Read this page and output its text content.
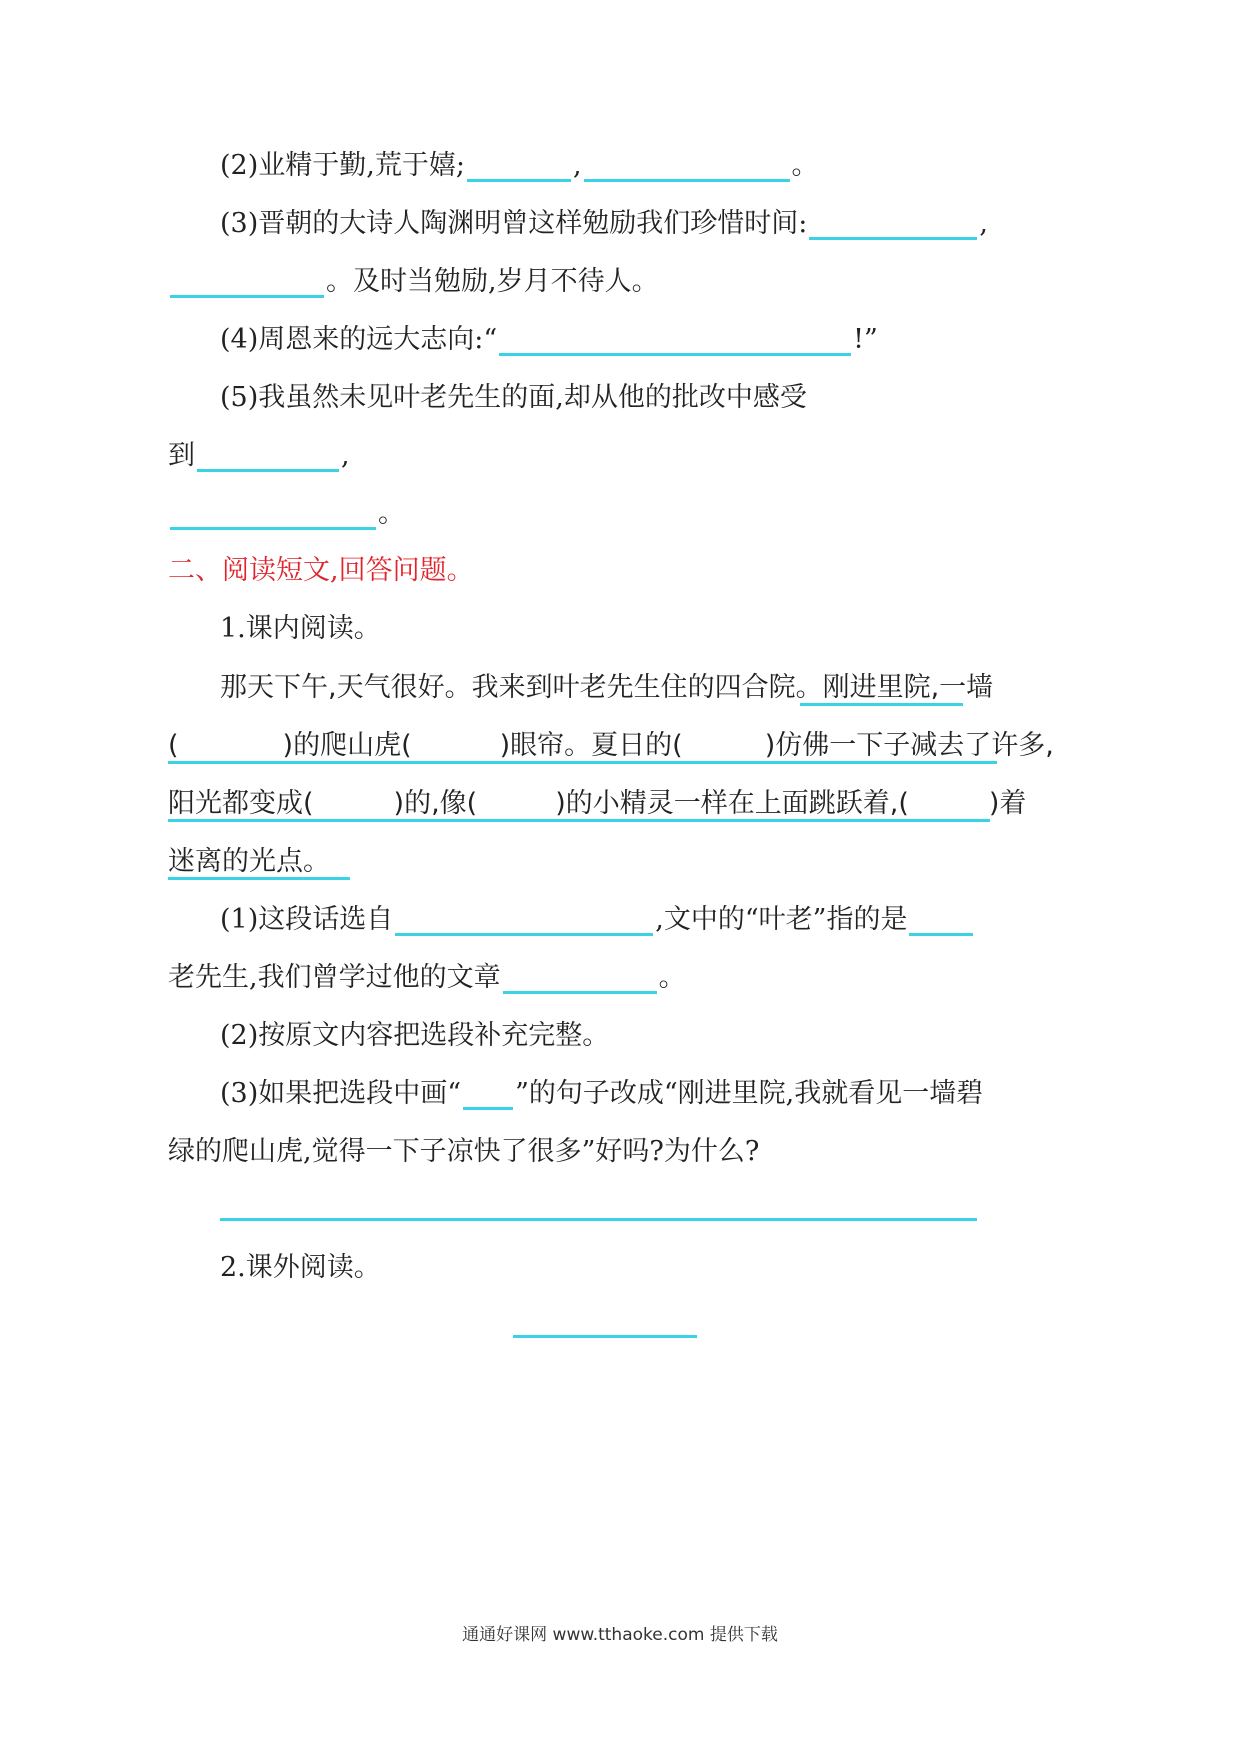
(2)业精于勤,荒于嬉;	,	。
(3)晋朝的大诗人陶渊明曾这样勉励我们珍惜时间:	,
。及时当勉励,岁月不待人。
(4)周恩来的远大志向:“	!”
(5)我虽然未见叶老先生的面,却从他的批改中感受
到	,
。
二、阅读短文,回答问题。
1.课内阅读。
那天下午,天气很好。我来到叶老先生住的四合院。刚进里院,一墙
(	)的爬山虎(	)眼帘。夏日的(	)仿佛一下子减去了许多,
阳光都变成(	)的,像(	)的小精灵一样在上面跳跃着,(	)着
迷离的光点。
(1)这段话选自	,文中的“叶老”指的是
老先生,我们曾学过他的文章	。
(2)按原文内容把选段补充完整。
(3)如果把选段中画“ ”的句子改成“刚进里院,我就看见一墙碧
绿的爬山虎,觉得一下子凉快了很多”好吗?为什么?
2.课外阅读。
通通好课网 www.tthaoke.com 提供下载
